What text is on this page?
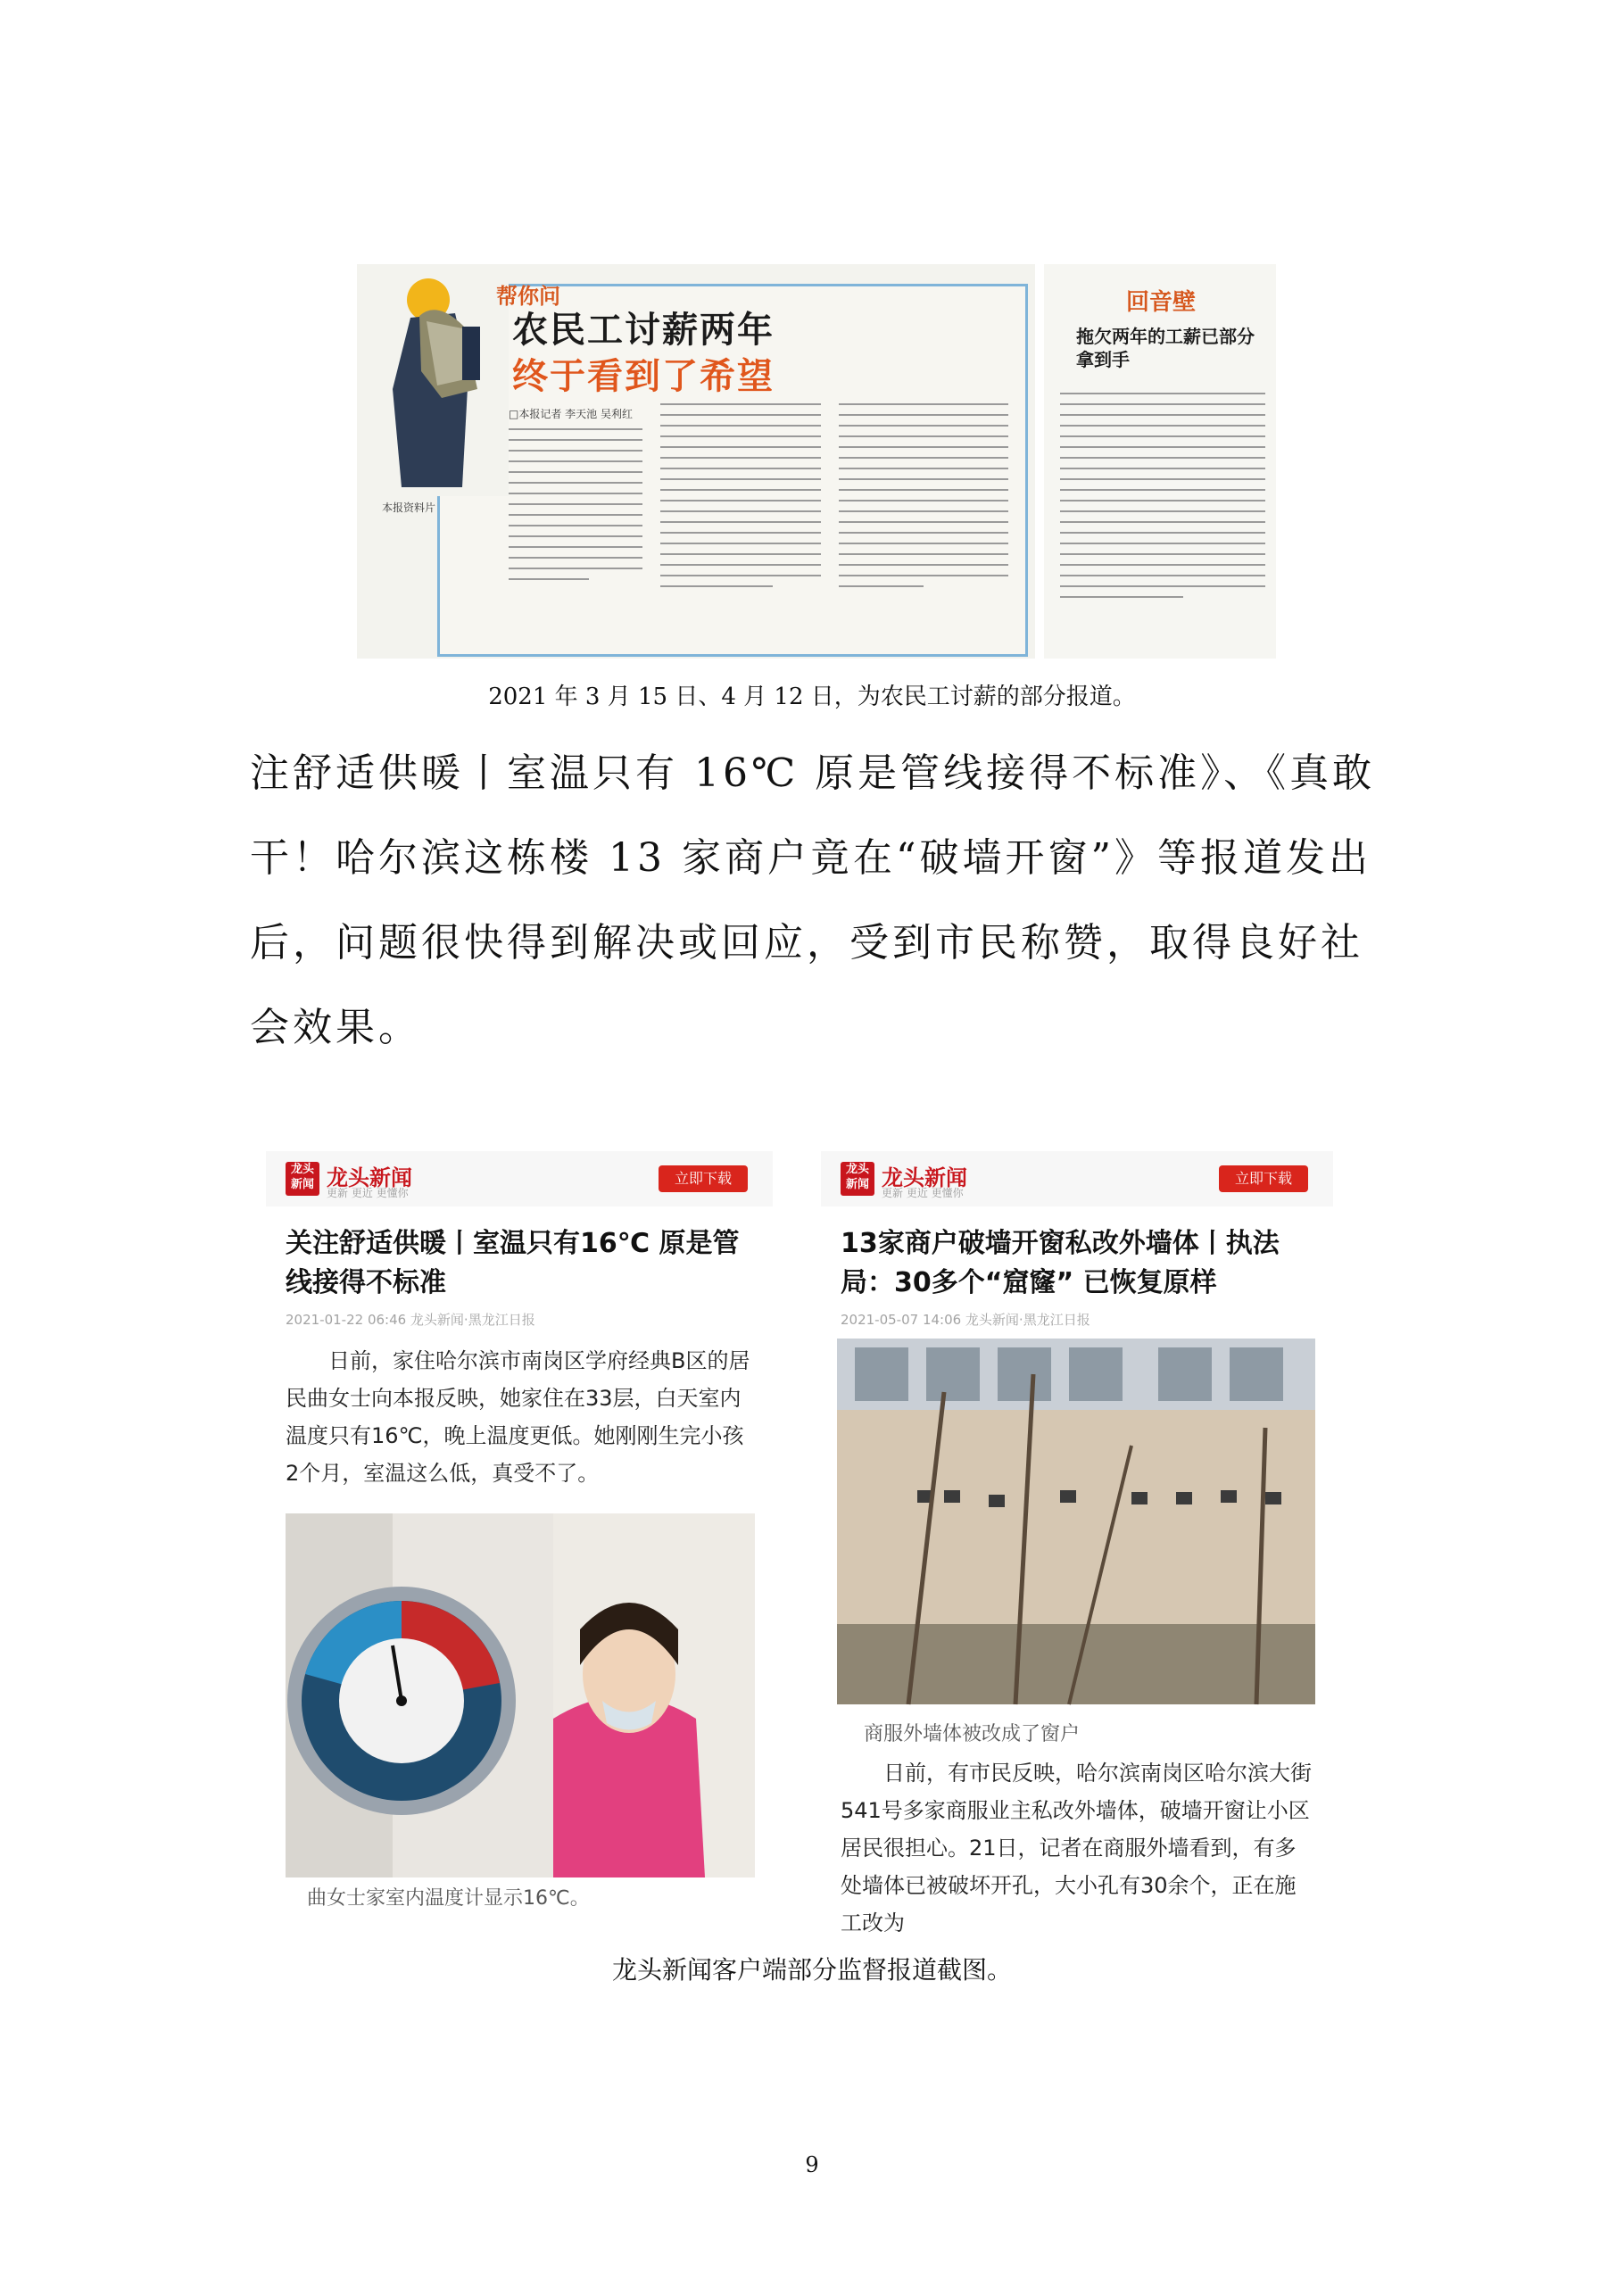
本报资料片
帮你问
农民工讨薪两年
终于看到了希望
□本报记者 李天池 吴利红
回音壁
拖欠两年的工薪已部分拿到手
2021 年 3 月 15 日、4 月 12 日，为农民工讨薪的部分报道。
注舒适供暖丨室温只有 16℃ 原是管线接得不标准》、《真敢
干！哈尔滨这栋楼 13 家商户竟在“破墙开窗”》等报道发出
后，问题很快得到解决或回应，受到市民称赞，取得良好社
会效果。
龙头新闻 龙头新闻
更新 更近 更懂你
立即下载
关注舒适供暖丨室温只有16℃ 原是管线接得不标准
2021-01-22 06:46 龙头新闻·黑龙江日报
日前，家住哈尔滨市南岗区学府经典B区的居民曲女士向本报反映，她家住在33层，白天室内温度只有16℃，晚上温度更低。她刚刚生完小孩2个月，室温这么低，真受不了。
曲女士家室内温度计显示16℃。
龙头新闻 龙头新闻
更新 更近 更懂你
立即下载
13家商户破墙开窗私改外墙体丨执法局：30多个“窟窿” 已恢复原样
2021-05-07 14:06 龙头新闻·黑龙江日报
商服外墙体被改成了窗户
日前，有市民反映，哈尔滨南岗区哈尔滨大街541号多家商服业主私改外墙体，破墙开窗让小区居民很担心。21日，记者在商服外墙看到，有多处墙体已被破坏开孔，大小孔有30余个，正在施工改为
龙头新闻客户端部分监督报道截图。
9
